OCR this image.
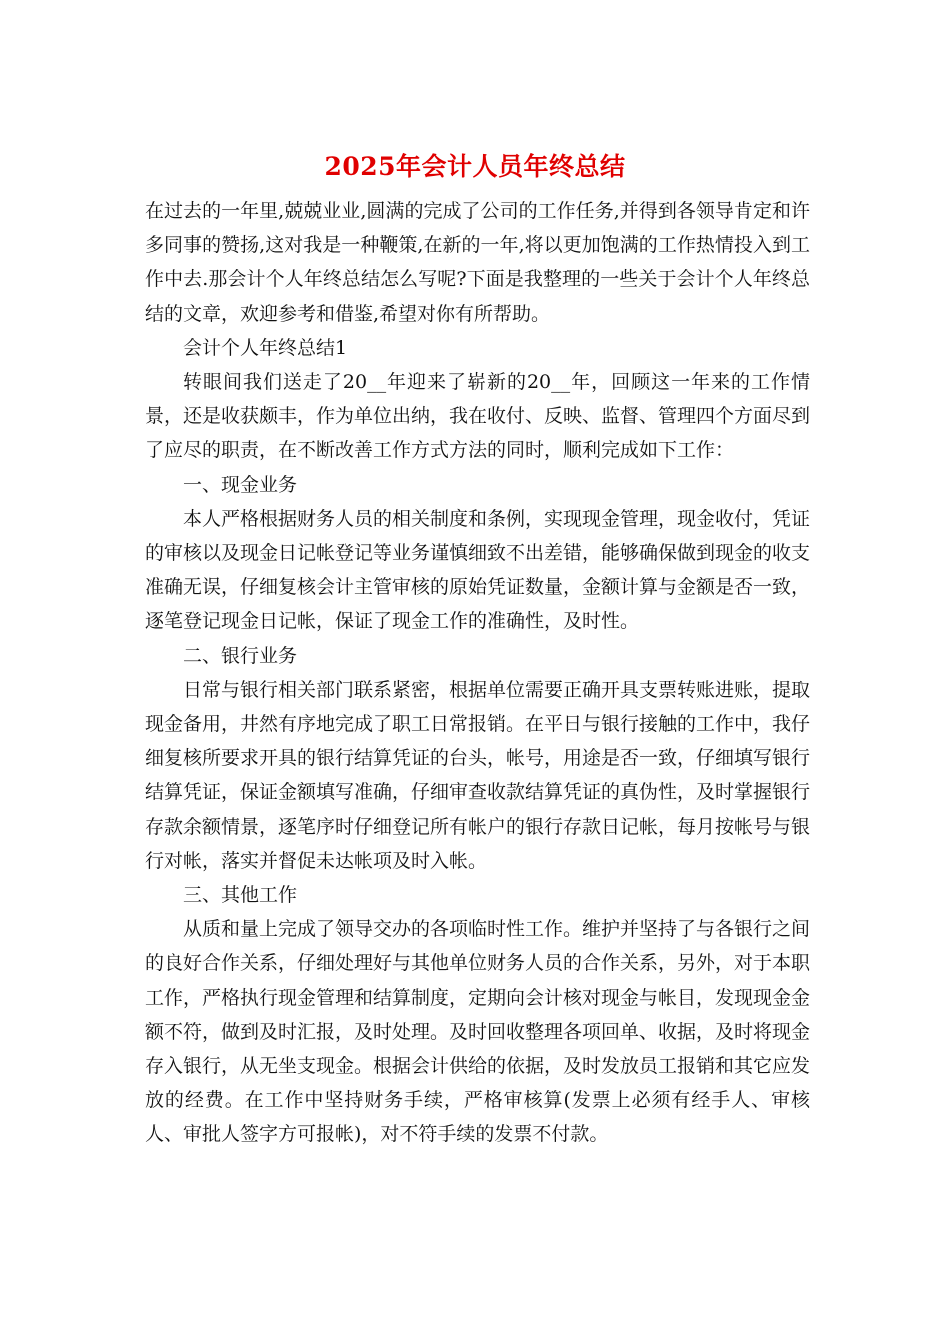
2025年会计人员年终总结

在过去的一年里,兢兢业业,圆满的完成了公司的工作任务,并得到各领导肯定和许多同事的赞扬,这对我是一种鞭策,在新的一年,将以更加饱满的工作热情投入到工作中去.那会计个人年终总结怎么写呢?下面是我整理的一些关于会计个人年终总结的文章，欢迎参考和借鉴,希望对你有所帮助。

会计个人年终总结1

转眼间我们送走了20__年迎来了崭新的20__年，回顾这一年来的工作情景，还是收获颇丰，作为单位出纳，我在收付、反映、监督、管理四个方面尽到了应尽的职责，在不断改善工作方式方法的同时，顺利完成如下工作：

一、现金业务

本人严格根据财务人员的相关制度和条例，实现现金管理，现金收付，凭证的审核以及现金日记帐登记等业务谨慎细致不出差错，能够确保做到现金的收支准确无误，仔细复核会计主管审核的原始凭证数量，金额计算与金额是否一致，逐笔登记现金日记帐，保证了现金工作的准确性，及时性。

二、银行业务

日常与银行相关部门联系紧密，根据单位需要正确开具支票转账进账，提取现金备用，井然有序地完成了职工日常报销。在平日与银行接触的工作中，我仔细复核所要求开具的银行结算凭证的台头，帐号，用途是否一致，仔细填写银行结算凭证，保证金额填写准确，仔细审查收款结算凭证的真伪性，及时掌握银行存款余额情景，逐笔序时仔细登记所有帐户的银行存款日记帐，每月按帐号与银行对帐，落实并督促未达帐项及时入帐。

三、其他工作

从质和量上完成了领导交办的各项临时性工作。维护并坚持了与各银行之间的良好合作关系，仔细处理好与其他单位财务人员的合作关系，另外，对于本职工作，严格执行现金管理和结算制度，定期向会计核对现金与帐目，发现现金金额不符，做到及时汇报，及时处理。及时回收整理各项回单、收据，及时将现金存入银行，从无坐支现金。根据会计供给的依据，及时发放员工报销和其它应发放的经费。在工作中坚持财务手续，严格审核算(发票上必须有经手人、审核人、审批人签字方可报帐)，对不符手续的发票不付款。
